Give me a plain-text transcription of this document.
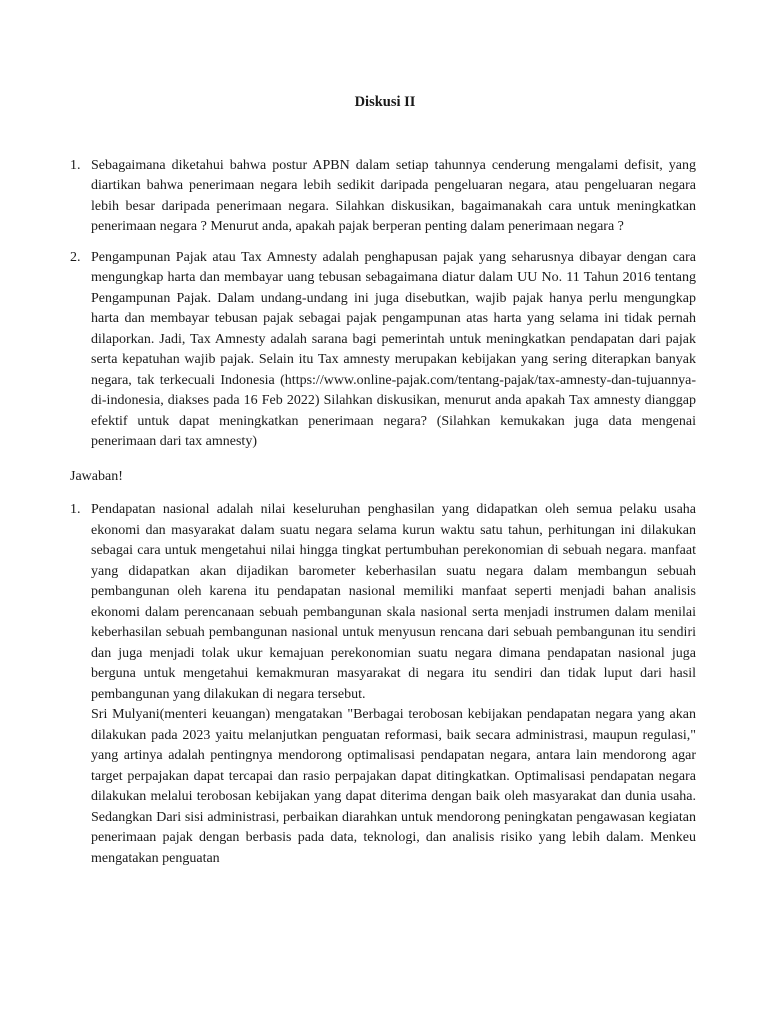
Diskusi II
1. Sebagaimana diketahui bahwa postur APBN dalam setiap tahunnya cenderung mengalami defisit, yang diartikan bahwa penerimaan negara lebih sedikit daripada pengeluaran negara, atau pengeluaran negara lebih besar daripada penerimaan negara. Silahkan diskusikan, bagaimanakah cara untuk meningkatkan penerimaan negara ? Menurut anda, apakah pajak berperan penting dalam penerimaan negara ?
2. Pengampunan Pajak atau Tax Amnesty adalah penghapusan pajak yang seharusnya dibayar dengan cara mengungkap harta dan membayar uang tebusan sebagaimana diatur dalam UU No. 11 Tahun 2016 tentang Pengampunan Pajak. Dalam undang-undang ini juga disebutkan, wajib pajak hanya perlu mengungkap harta dan membayar tebusan pajak sebagai pajak pengampunan atas harta yang selama ini tidak pernah dilaporkan. Jadi, Tax Amnesty adalah sarana bagi pemerintah untuk meningkatkan pendapatan dari pajak serta kepatuhan wajib pajak. Selain itu Tax amnesty merupakan kebijakan yang sering diterapkan banyak negara, tak terkecuali Indonesia (https://www.online-pajak.com/tentang-pajak/tax-amnesty-dan-tujuannya-di-indonesia, diakses pada 16 Feb 2022) Silahkan diskusikan, menurut anda apakah Tax amnesty dianggap efektif untuk dapat meningkatkan penerimaan negara? (Silahkan kemukakan juga data mengenai penerimaan dari tax amnesty)
Jawaban!
1. Pendapatan nasional adalah nilai keseluruhan penghasilan yang didapatkan oleh semua pelaku usaha ekonomi dan masyarakat dalam suatu negara selama kurun waktu satu tahun, perhitungan ini dilakukan sebagai cara untuk mengetahui nilai hingga tingkat pertumbuhan perekonomian di sebuah negara. manfaat yang didapatkan akan dijadikan barometer keberhasilan suatu negara dalam membangun sebuah pembangunan oleh karena itu pendapatan nasional memiliki manfaat seperti menjadi bahan analisis ekonomi dalam perencanaan sebuah pembangunan skala nasional serta menjadi instrumen dalam menilai keberhasilan sebuah pembangunan nasional untuk menyusun rencana dari sebuah pembangunan itu sendiri dan juga menjadi tolak ukur kemajuan perekonomian suatu negara dimana pendapatan nasional juga berguna untuk mengetahui kemakmuran masyarakat di negara itu sendiri dan tidak luput dari hasil pembangunan yang dilakukan di negara tersebut.
Sri Mulyani(menteri keuangan) mengatakan "Berbagai terobosan kebijakan pendapatan negara yang akan dilakukan pada 2023 yaitu melanjutkan penguatan reformasi, baik secara administrasi, maupun regulasi," yang artinya adalah pentingnya mendorong optimalisasi pendapatan negara, antara lain mendorong agar target perpajakan dapat tercapai dan rasio perpajakan dapat ditingkatkan. Optimalisasi pendapatan negara dilakukan melalui terobosan kebijakan yang dapat diterima dengan baik oleh masyarakat dan dunia usaha. Sedangkan Dari sisi administrasi, perbaikan diarahkan untuk mendorong peningkatan pengawasan kegiatan penerimaan pajak dengan berbasis pada data, teknologi, dan analisis risiko yang lebih dalam. Menkeu mengatakan penguatan
